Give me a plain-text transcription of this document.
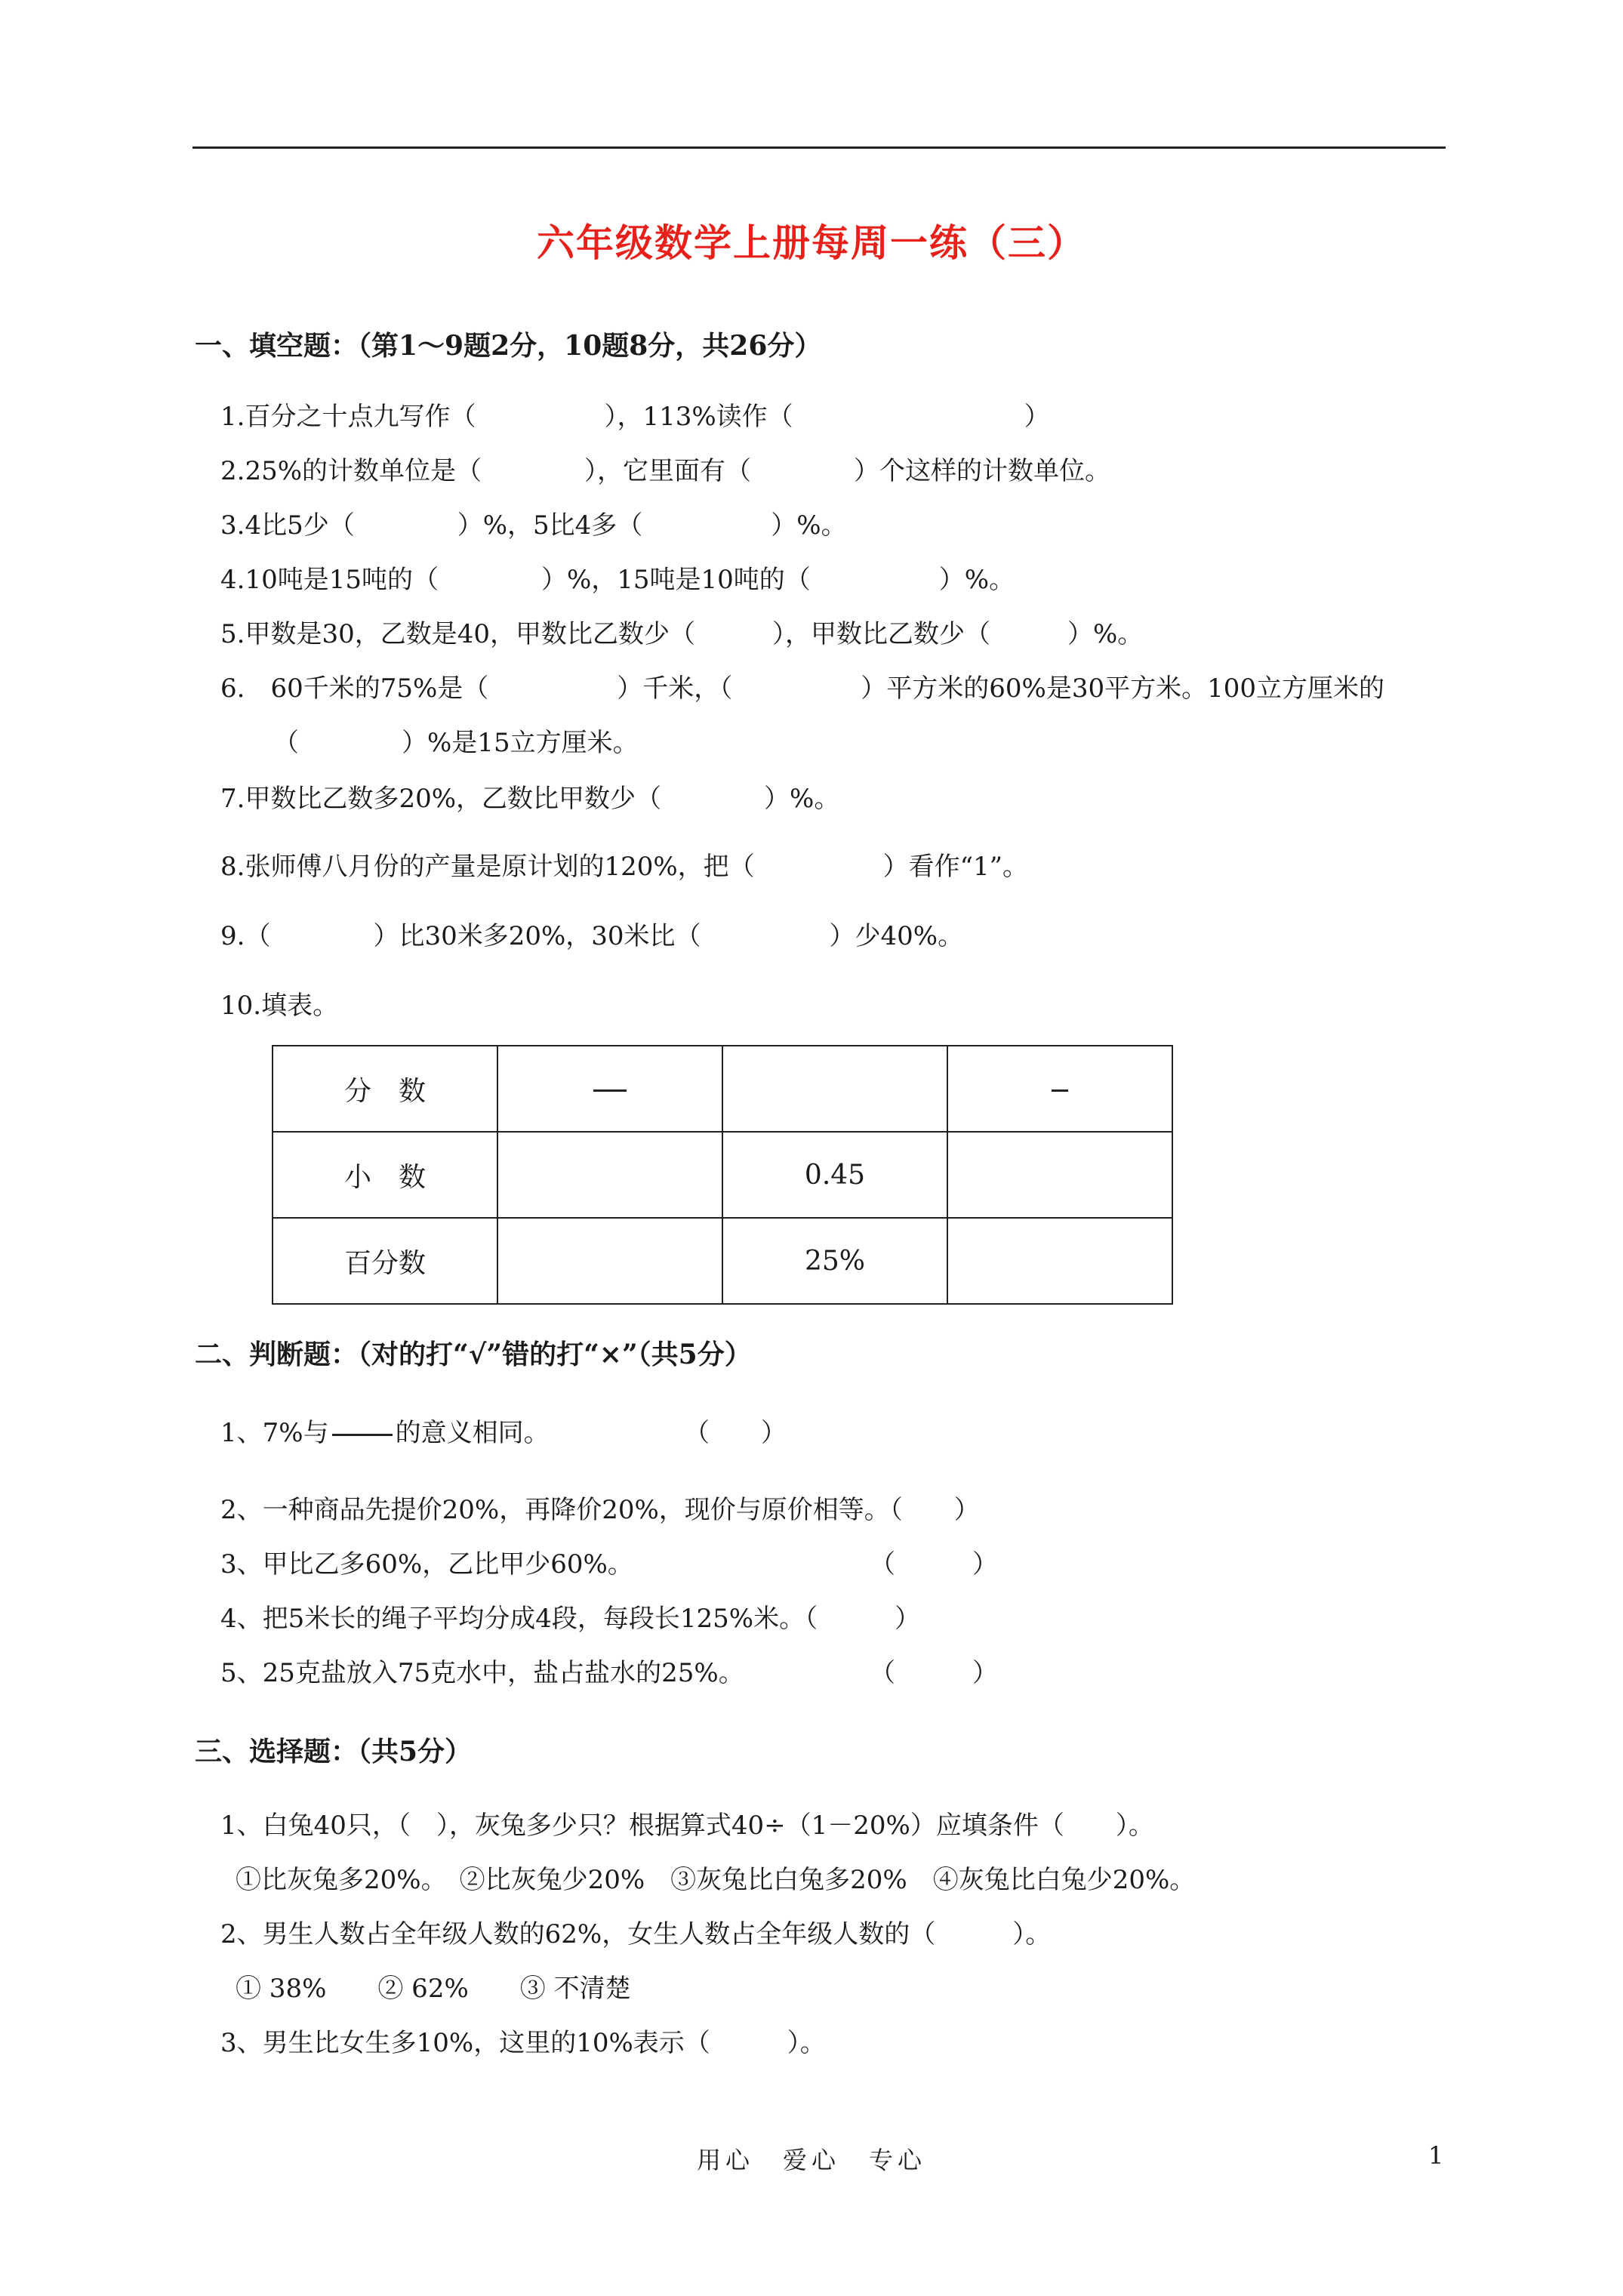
六年级数学上册每周一练（三）
一、填空题：（第1～9题2分，10题8分，共26分）
1.百分之十点九写作（　　　　　），113%读作（　　　　　　　　　）
2.25%的计数单位是（　　　　），它里面有（　　　　）个这样的计数单位。
3.4比5少（　　　　）%，5比4多（　　　　　）%。
4.10吨是15吨的（　　　　）%，15吨是10吨的（　　　　　）%。
5.甲数是30，乙数是40，甲数比乙数少（　　　），甲数比乙数少（　　　）%。
6.　60千米的75%是（　　　　　）千米，（　　　　　）平方米的60%是30平方米。100立方厘米的
（　　　　）%是15立方厘米。
7.甲数比乙数多20%，乙数比甲数少（　　　　）%。
8.张师傅八月份的产量是原计划的120%，把（　　　　　）看作“1”。
9.（　　　　）比30米多20%，30米比（　　　　　）少40%。
10.填表。
分　数			
小　数		0.45	
百分数		25%	
二、判断题：（对的打“√”错的打“×”（共5分）
1、7%与	的意义相同。	（　　）
2、一种商品先提价20%，再降价20%，现价与原价相等。（　　）
3、甲比乙多60%，乙比甲少60%。	（　　　）
4、把5米长的绳子平均分成4段，每段长125%米。（　　　）
5、25克盐放入75克水中，盐占盐水的25%。	（　　　）
三、选择题：（共5分）
1、白兔40只，（　），灰兔多少只？根据算式40÷（1－20%）应填条件（　　）。
①比灰兔多20%。　②比灰兔少20%　③灰兔比白兔多20%　④灰兔比白兔少20%。
2、男生人数占全年级人数的62%，女生人数占全年级人数的（　　　）。
① 38%　　② 62%　　③ 不清楚
3、男生比女生多10%，这里的10%表示（　　　）。
用心　爱心　专心	1
